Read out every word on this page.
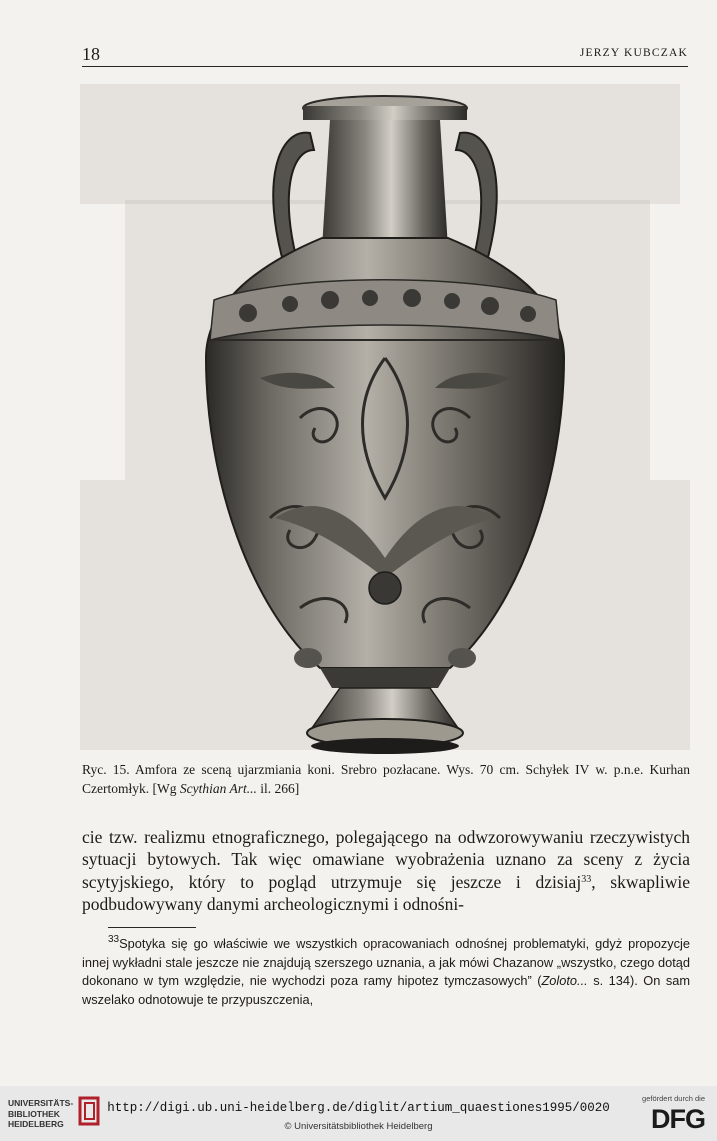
18	JERZY KUBCZAK
Ryc. 15. Amfora ze sceną ujarzmiania koni. Srebro pozłacane. Wys. 70 cm. Schyłek IV w. p.n.e. Kurhan Czertomłyk. [Wg Scythian Art... il. 266]

cie tzw. realizmu etnograficznego, polegającego na odwzorowywaniu rzeczywistych sytuacji bytowych. Tak więc omawiane wyobrażenia uznano za sceny z życia scytyjskiego, który to pogląd utrzymuje się jeszcze i dzisiaj$^{33}$, skwapliwie podbudowywany danymi archeologicznymi i odnośni-

$^{33}$Spotyka się go właściwie we wszystkich opracowaniach odnośnej problematyki, gdyż propozycje innej wykładni stale jeszcze nie znajdują szerszego uznania, a jak mówi Chazanow „wszystko, czego dotąd dokonano w tym względzie, nie wychodzi poza ramy hipotez tymczasowych” (Zoloto... s. 134). On sam wszelako odnotowuje te przypuszczenia,

UNIVERSITÄTS-
BIBLIOTHEK
HEIDELBERG
http://digi.ub.uni-heidelberg.de/diglit/artium_quaestiones1995/0020
© Universitätsbibliothek Heidelberg
gefördert durch die
DFG
